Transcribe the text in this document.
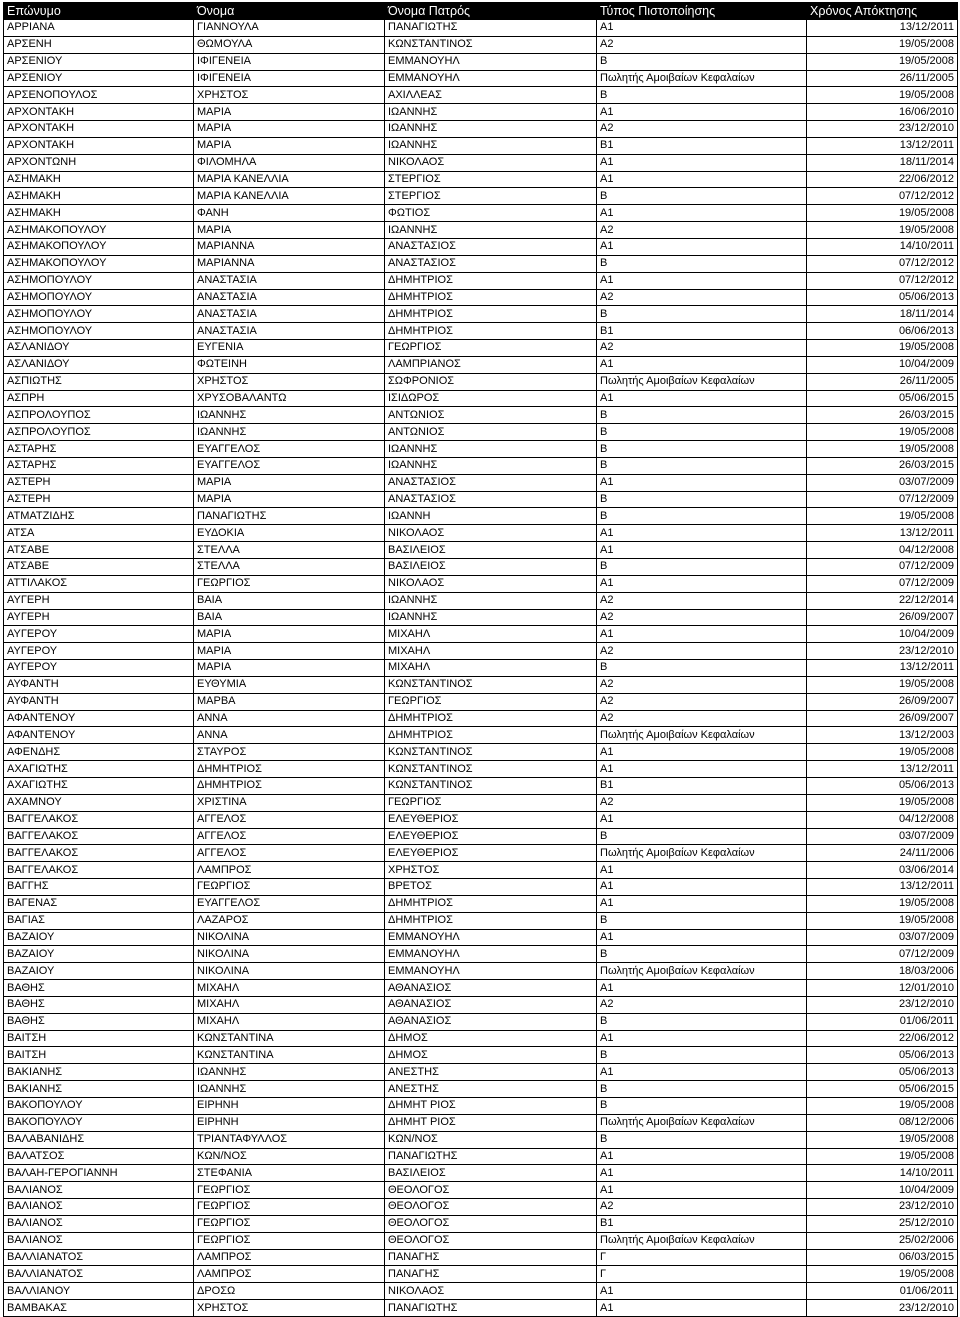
Επώνυμο	Όνομα	Όνομα Πατρός	Τύπος Πιστοποίησης	Χρόνος Απόκτησης
ΑΡΡΙΑΝΑ	ΓΙΑΝΝΟΥΛΑ	ΠΑΝΑΓΙΩΤΗΣ	Α1	13/12/2011
ΑΡΣΕΝΗ	ΘΩΜΟΥΛΑ	ΚΩΝΣΤΑΝΤΙΝΟΣ	Α2	19/05/2008
ΑΡΣΕΝΙΟΥ	ΙΦΙΓΕΝΕΙΑ	ΕΜΜΑΝΟΥΗΛ	Β	19/05/2008
ΑΡΣΕΝΙΟΥ	ΙΦΙΓΕΝΕΙΑ	ΕΜΜΑΝΟΥΗΛ	Πωλητής Αμοιβαίων Κεφαλαίων	26/11/2005
ΑΡΣΕΝΟΠΟΥΛΟΣ	ΧΡΗΣΤΟΣ	ΑΧΙΛΛΕΑΣ	Β	19/05/2008
ΑΡΧΟΝΤΑΚΗ	ΜΑΡΙΑ	ΙΩΑΝΝΗΣ	Α1	16/06/2010
ΑΡΧΟΝΤΑΚΗ	ΜΑΡΙΑ	ΙΩΑΝΝΗΣ	Α2	23/12/2010
ΑΡΧΟΝΤΑΚΗ	ΜΑΡΙΑ	ΙΩΑΝΝΗΣ	Β1	13/12/2011
ΑΡΧΟΝΤΩΝΗ	ΦΙΛΟΜΗΛΑ	ΝΙΚΟΛΑΟΣ	Α1	18/11/2014
ΑΣΗΜΑΚΗ	ΜΑΡΙΑ ΚΑΝΕΛΛΙΑ	ΣΤΕΡΓΙΟΣ	Α1	22/06/2012
ΑΣΗΜΑΚΗ	ΜΑΡΙΑ ΚΑΝΕΛΛΙΑ	ΣΤΕΡΓΙΟΣ	Β	07/12/2012
ΑΣΗΜΑΚΗ	ΦΑΝΗ	ΦΩΤΙΟΣ	Α1	19/05/2008
ΑΣΗΜΑΚΟΠΟΥΛΟΥ	ΜΑΡΙΑ	ΙΩΑΝΝΗΣ	Α2	19/05/2008
ΑΣΗΜΑΚΟΠΟΥΛΟΥ	ΜΑΡΙΑΝΝΑ	ΑΝΑΣΤΑΣΙΟΣ	Α1	14/10/2011
ΑΣΗΜΑΚΟΠΟΥΛΟΥ	ΜΑΡΙΑΝΝΑ	ΑΝΑΣΤΑΣΙΟΣ	Β	07/12/2012
ΑΣΗΜΟΠΟΥΛΟΥ	ΑΝΑΣΤΑΣΙΑ	ΔΗΜΗΤΡΙΟΣ	Α1	07/12/2012
ΑΣΗΜΟΠΟΥΛΟΥ	ΑΝΑΣΤΑΣΙΑ	ΔΗΜΗΤΡΙΟΣ	Α2	05/06/2013
ΑΣΗΜΟΠΟΥΛΟΥ	ΑΝΑΣΤΑΣΙΑ	ΔΗΜΗΤΡΙΟΣ	Β	18/11/2014
ΑΣΗΜΟΠΟΥΛΟΥ	ΑΝΑΣΤΑΣΙΑ	ΔΗΜΗΤΡΙΟΣ	Β1	06/06/2013
ΑΣΛΑΝΙΔΟΥ	ΕΥΓΕΝΙΑ	ΓΕΩΡΓΙΟΣ	Α2	19/05/2008
ΑΣΛΑΝΙΔΟΥ	ΦΩΤΕΙΝΗ	ΛΑΜΠΡΙΑΝΟΣ	Α1	10/04/2009
ΑΣΠΙΩΤΗΣ	ΧΡΗΣΤΟΣ	ΣΩΦΡΟΝΙΟΣ	Πωλητής Αμοιβαίων Κεφαλαίων	26/11/2005
ΑΣΠΡΗ	ΧΡΥΣΟΒΑΛΑΝΤΩ	ΙΣΙΔΩΡΟΣ	Α1	05/06/2015
ΑΣΠΡΟΛΟΥΠΟΣ	ΙΩΑΝΝΗΣ	ΑΝΤΩΝΙΟΣ	Β	26/03/2015
ΑΣΠΡΟΛΟΥΠΟΣ	ΙΩΑΝΝΗΣ	ΑΝΤΩΝΙΟΣ	Β	19/05/2008
ΑΣΤΑΡΗΣ	ΕΥΑΓΓΕΛΟΣ	ΙΩΑΝΝΗΣ	Β	19/05/2008
ΑΣΤΑΡΗΣ	ΕΥΑΓΓΕΛΟΣ	ΙΩΑΝΝΗΣ	Β	26/03/2015
ΑΣΤΕΡΗ	ΜΑΡΙΑ	ΑΝΑΣΤΑΣΙΟΣ	Α1	03/07/2009
ΑΣΤΕΡΗ	ΜΑΡΙΑ	ΑΝΑΣΤΑΣΙΟΣ	Β	07/12/2009
ΑΤΜΑΤΖΙΔΗΣ	ΠΑΝΑΓΙΩΤΗΣ	ΙΩΑΝΝΗ	Β	19/05/2008
ΑΤΣΑ	ΕΥΔΟΚΙΑ	ΝΙΚΟΛΑΟΣ	Α1	13/12/2011
ΑΤΣΑΒΕ	ΣΤΕΛΛΑ	ΒΑΣΙΛΕΙΟΣ	Α1	04/12/2008
ΑΤΣΑΒΕ	ΣΤΕΛΛΑ	ΒΑΣΙΛΕΙΟΣ	Β	07/12/2009
ΑΤΤΙΛΑΚΟΣ	ΓΕΩΡΓΙΟΣ	ΝΙΚΟΛΑΟΣ	Α1	07/12/2009
ΑΥΓΕΡΗ	ΒΑΙΑ	ΙΩΑΝΝΗΣ	Α2	22/12/2014
ΑΥΓΕΡΗ	ΒΑΙΑ	ΙΩΑΝΝΗΣ	Α2	26/09/2007
ΑΥΓΕΡΟΥ	ΜΑΡΙΑ	ΜΙΧΑΗΛ	Α1	10/04/2009
ΑΥΓΕΡΟΥ	ΜΑΡΙΑ	ΜΙΧΑΗΛ	Α2	23/12/2010
ΑΥΓΕΡΟΥ	ΜΑΡΙΑ	ΜΙΧΑΗΛ	Β	13/12/2011
ΑΥΦΑΝΤΗ	ΕΥΘΥΜΙΑ	ΚΩΝΣΤΑΝΤΙΝΟΣ	Α2	19/05/2008
ΑΥΦΑΝΤΗ	ΜΑΡΒΑ	ΓΕΩΡΓΙΟΣ	Α2	26/09/2007
ΑΦΑΝΤΕΝΟΥ	ΑΝΝΑ	ΔΗΜΗΤΡΙΟΣ	Α2	26/09/2007
ΑΦΑΝΤΕΝΟΥ	ΑΝΝΑ	ΔΗΜΗΤΡΙΟΣ	Πωλητής Αμοιβαίων Κεφαλαίων	13/12/2003
ΑΦΕΝΔΗΣ	ΣΤΑΥΡΟΣ	ΚΩΝΣΤΑΝΤΙΝΟΣ	Α1	19/05/2008
ΑΧΑΓΙΩΤΗΣ	ΔΗΜΗΤΡΙΟΣ	ΚΩΝΣΤΑΝΤΙΝΟΣ	Α1	13/12/2011
ΑΧΑΓΙΩΤΗΣ	ΔΗΜΗΤΡΙΟΣ	ΚΩΝΣΤΑΝΤΙΝΟΣ	Β1	05/06/2013
ΑΧΑΜΝΟΥ	ΧΡΙΣΤΙΝΑ	ΓΕΩΡΓΙΟΣ	Α2	19/05/2008
ΒΑΓΓΕΛΑΚΟΣ	ΑΓΓΕΛΟΣ	ΕΛΕΥΘΕΡΙΟΣ	Α1	04/12/2008
ΒΑΓΓΕΛΑΚΟΣ	ΑΓΓΕΛΟΣ	ΕΛΕΥΘΕΡΙΟΣ	Β	03/07/2009
ΒΑΓΓΕΛΑΚΟΣ	ΑΓΓΕΛΟΣ	ΕΛΕΥΘΕΡΙΟΣ	Πωλητής Αμοιβαίων Κεφαλαίων	24/11/2006
ΒΑΓΓΕΛΑΚΟΣ	ΛΑΜΠΡΟΣ	ΧΡΗΣΤΟΣ	Α1	03/06/2014
ΒΑΓΓΗΣ	ΓΕΩΡΓΙΟΣ	ΒΡΕΤΟΣ	Α1	13/12/2011
ΒΑΓΕΝΑΣ	ΕΥΑΓΓΕΛΟΣ	ΔΗΜΗΤΡΙΟΣ	Α1	19/05/2008
ΒΑΓΙΑΣ	ΛΑΖΑΡΟΣ	ΔΗΜΗΤΡΙΟΣ	Β	19/05/2008
ΒΑΖΑΙΟΥ	ΝΙΚΟΛΙΝΑ	ΕΜΜΑΝΟΥΗΛ	Α1	03/07/2009
ΒΑΖΑΙΟΥ	ΝΙΚΟΛΙΝΑ	ΕΜΜΑΝΟΥΗΛ	Β	07/12/2009
ΒΑΖΑΙΟΥ	ΝΙΚΟΛΙΝΑ	ΕΜΜΑΝΟΥΗΛ	Πωλητής Αμοιβαίων Κεφαλαίων	18/03/2006
ΒΑΘΗΣ	ΜΙΧΑΗΛ	ΑΘΑΝΑΣΙΟΣ	Α1	12/01/2010
ΒΑΘΗΣ	ΜΙΧΑΗΛ	ΑΘΑΝΑΣΙΟΣ	Α2	23/12/2010
ΒΑΘΗΣ	ΜΙΧΑΗΛ	ΑΘΑΝΑΣΙΟΣ	Β	01/06/2011
ΒΑΙΤΣΗ	ΚΩΝΣΤΑΝΤΙΝΑ	ΔΗΜΟΣ	Α1	22/06/2012
ΒΑΙΤΣΗ	ΚΩΝΣΤΑΝΤΙΝΑ	ΔΗΜΟΣ	Β	05/06/2013
ΒΑΚΙΑΝΗΣ	ΙΩΑΝΝΗΣ	ΑΝΕΣΤΗΣ	Α1	05/06/2013
ΒΑΚΙΑΝΗΣ	ΙΩΑΝΝΗΣ	ΑΝΕΣΤΗΣ	Β	05/06/2015
ΒΑΚΟΠΟΥΛΟΥ	ΕΙΡΗΝΗ	ΔΗΜΗΤ ΡΙΟΣ	Β	19/05/2008
ΒΑΚΟΠΟΥΛΟΥ	ΕΙΡΗΝΗ	ΔΗΜΗΤ ΡΙΟΣ	Πωλητής Αμοιβαίων Κεφαλαίων	08/12/2006
ΒΑΛΑΒΑΝΙΔΗΣ	ΤΡΙΑΝΤΑΦΥΛΛΟΣ	ΚΩΝ/ΝΟΣ	Β	19/05/2008
ΒΑΛΑΤΣΟΣ	ΚΩΝ/ΝΟΣ	ΠΑΝΑΓΙΩΤΗΣ	Α1	19/05/2008
ΒΑΛΑΗ-ΓΕΡΟΓΙΑΝΝΗ	ΣΤΕΦΑΝΙΑ	ΒΑΣΙΛΕΙΟΣ	Α1	14/10/2011
ΒΑΛΙΑΝΟΣ	ΓΕΩΡΓΙΟΣ	ΘΕΟΛΟΓΟΣ	Α1	10/04/2009
ΒΑΛΙΑΝΟΣ	ΓΕΩΡΓΙΟΣ	ΘΕΟΛΟΓΟΣ	Α2	23/12/2010
ΒΑΛΙΑΝΟΣ	ΓΕΩΡΓΙΟΣ	ΘΕΟΛΟΓΟΣ	Β1	25/12/2010
ΒΑΛΙΑΝΟΣ	ΓΕΩΡΓΙΟΣ	ΘΕΟΛΟΓΟΣ	Πωλητής Αμοιβαίων Κεφαλαίων	25/02/2006
ΒΑΛΛΙΑΝΑΤΟΣ	ΛΑΜΠΡΟΣ	ΠΑΝΑΓΗΣ	Γ	06/03/2015
ΒΑΛΛΙΑΝΑΤΟΣ	ΛΑΜΠΡΟΣ	ΠΑΝΑΓΗΣ	Γ	19/05/2008
ΒΑΛΛΙΑΝΟΥ	ΔΡΟΣΩ	ΝΙΚΟΛΑΟΣ	Α1	01/06/2011
ΒΑΜΒΑΚΑΣ	ΧΡΗΣΤΟΣ	ΠΑΝΑΓΙΩΤΗΣ	Α1	23/12/2010
